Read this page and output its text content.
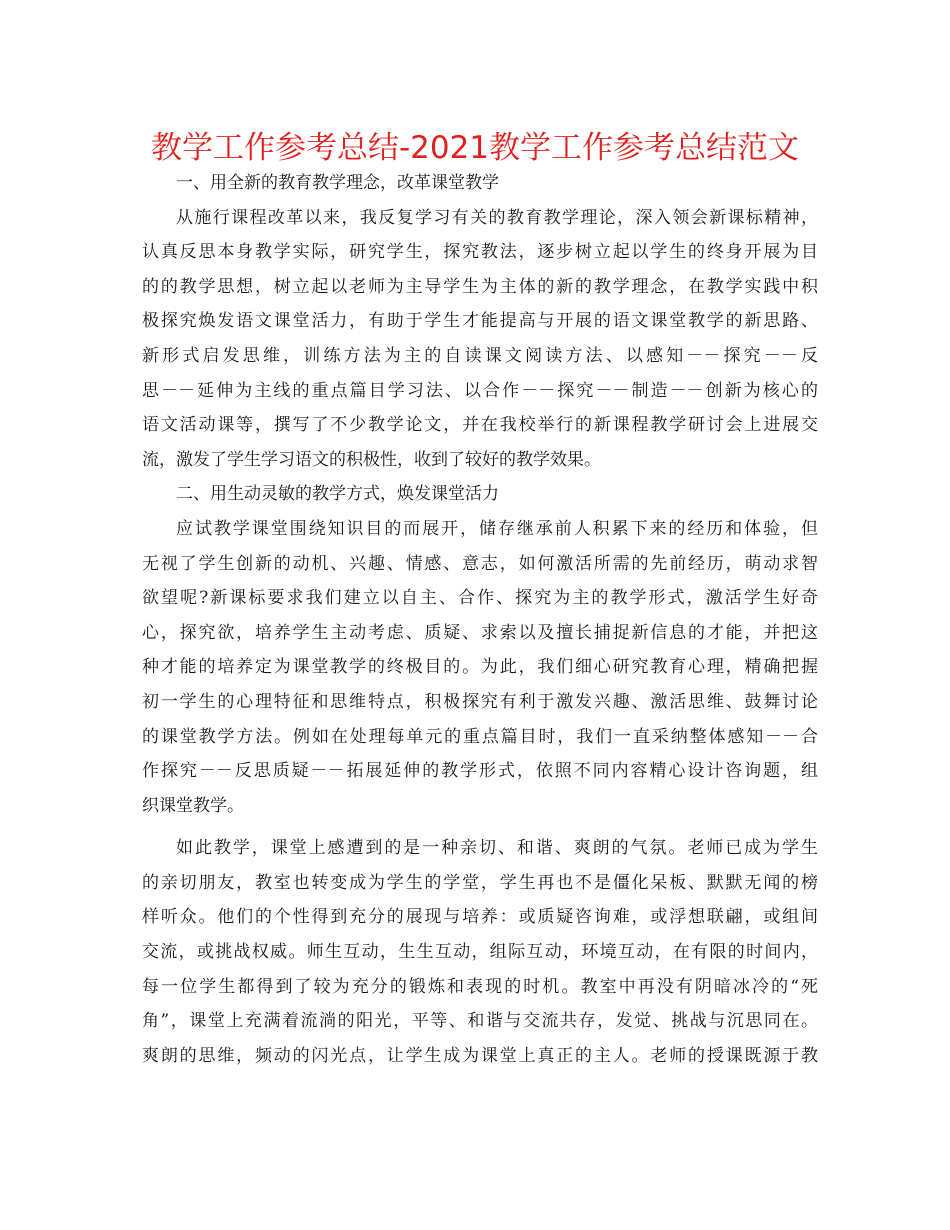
教学工作参考总结-2021教学工作参考总结范文
一、用全新的教育教学理念，改革课堂教学
从施行课程改革以来，我反复学习有关的教育教学理论，深入领会新课标精神，
认真反思本身教学实际，研究学生，探究教法，逐步树立起以学生的终身开展为目
的的教学思想，树立起以老师为主导学生为主体的新的教学理念，在教学实践中积
极探究焕发语文课堂活力，有助于学生才能提高与开展的语文课堂教学的新思路、
新形式启发思维，训练方法为主的自读课文阅读方法、以感知－－探究－－反
思－－延伸为主线的重点篇目学习法、以合作－－探究－－制造－－创新为核心的
语文活动课等，撰写了不少教学论文，并在我校举行的新课程教学研讨会上进展交
流，激发了学生学习语文的积极性，收到了较好的教学效果。
二、用生动灵敏的教学方式，焕发课堂活力
应试教学课堂围绕知识目的而展开，储存继承前人积累下来的经历和体验，但
无视了学生创新的动机、兴趣、情感、意志，如何激活所需的先前经历，萌动求智
欲望呢?新课标要求我们建立以自主、合作、探究为主的教学形式，激活学生好奇
心，探究欲，培养学生主动考虑、质疑、求索以及擅长捕捉新信息的才能，并把这
种才能的培养定为课堂教学的终极目的。为此，我们细心研究教育心理，精确把握
初一学生的心理特征和思维特点，积极探究有利于激发兴趣、激活思维、鼓舞讨论
的课堂教学方法。例如在处理每单元的重点篇目时，我们一直采纳整体感知－－合
作探究－－反思质疑－－拓展延伸的教学形式，依照不同内容精心设计咨询题，组
织课堂教学。
如此教学，课堂上感遭到的是一种亲切、和谐、爽朗的气氛。老师已成为学生
的亲切朋友，教室也转变成为学生的学堂，学生再也不是僵化呆板、默默无闻的榜
样听众。他们的个性得到充分的展现与培养：或质疑咨询难，或浮想联翩，或组间
交流，或挑战权威。师生互动，生生互动，组际互动，环境互动，在有限的时间内，
每一位学生都得到了较为充分的锻炼和表现的时机。教室中再没有阴暗冰冷的“死
角”，课堂上充满着流淌的阳光，平等、和谐与交流共存，发觉、挑战与沉思同在。
爽朗的思维，频动的闪光点，让学生成为课堂上真正的主人。老师的授课既源于教
